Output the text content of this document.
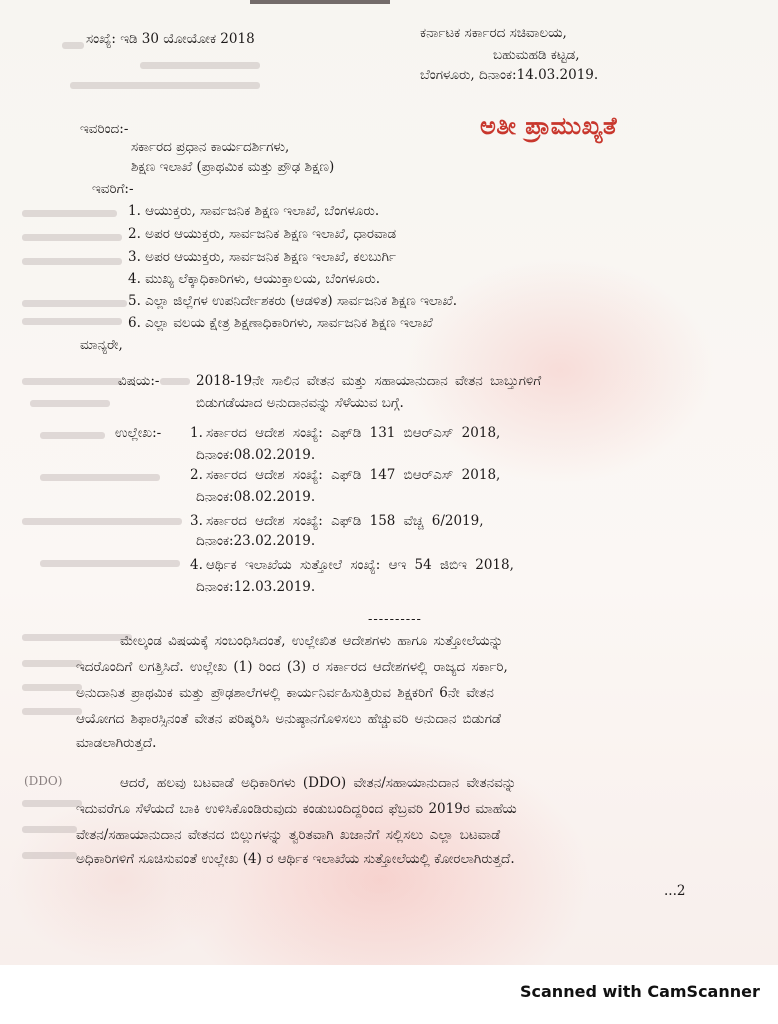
ಸಂಖ್ಯೆ: ಇಡಿ 30 ಯೋಯೋಕ 2018	ಕರ್ನಾಟಕ ಸರ್ಕಾರದ ಸಚಿವಾಲಯ,
ಬಹುಮಹಡಿ ಕಟ್ಟಡ,
ಬೆಂಗಳೂರು, ದಿನಾಂಕ:14.03.2019.
ಅತೀ ಪ್ರಾಮುಖ್ಯತೆ
ಇವರಿಂದ:-
ಸರ್ಕಾರದ ಪ್ರಧಾನ ಕಾರ್ಯದರ್ಶಿಗಳು,
ಶಿಕ್ಷಣ ಇಲಾಖೆ (ಪ್ರಾಥಮಿಕ ಮತ್ತು ಪ್ರೌಢ ಶಿಕ್ಷಣ)
ಇವರಿಗೆ:-
1. ಆಯುಕ್ತರು, ಸಾರ್ವಜನಿಕ ಶಿಕ್ಷಣ ಇಲಾಖೆ, ಬೆಂಗಳೂರು.
2. ಅಪರ ಆಯುಕ್ತರು, ಸಾರ್ವಜನಿಕ ಶಿಕ್ಷಣ ಇಲಾಖೆ, ಧಾರವಾಡ
3. ಅಪರ ಆಯುಕ್ತರು, ಸಾರ್ವಜನಿಕ ಶಿಕ್ಷಣ ಇಲಾಖೆ, ಕಲಬುರ್ಗಿ
4. ಮುಖ್ಯ ಲೆಕ್ಕಾಧಿಕಾರಿಗಳು, ಆಯುಕ್ತಾಲಯ, ಬೆಂಗಳೂರು.
5. ಎಲ್ಲಾ ಜಿಲ್ಲೆಗಳ ಉಪನಿರ್ದೇಶಕರು (ಆಡಳಿತ) ಸಾರ್ವಜನಿಕ ಶಿಕ್ಷಣ ಇಲಾಖೆ.
6. ಎಲ್ಲಾ ವಲಯ ಕ್ಷೇತ್ರ ಶಿಕ್ಷಣಾಧಿಕಾರಿಗಳು, ಸಾರ್ವಜನಿಕ ಶಿಕ್ಷಣ ಇಲಾಖೆ
ಮಾನ್ಯರೇ,
ವಿಷಯ:-	2018-19ನೇ ಸಾಲಿನ ವೇತನ ಮತ್ತು ಸಹಾಯಾನುದಾನ ವೇತನ ಬಾಬ್ತುಗಳಿಗೆ
ಬಿಡುಗಡೆಯಾದ ಅನುದಾನವನ್ನು ಸೆಳೆಯುವ ಬಗ್ಗೆ.
ಉಲ್ಲೇಖ:- 1. ಸರ್ಕಾರದ ಆದೇಶ ಸಂಖ್ಯೆ: ಎಫ್‌ಡಿ 131 ಬಿಆರ್‌ಎಸ್ 2018,
ದಿನಾಂಕ:08.02.2019.
2. ಸರ್ಕಾರದ ಆದೇಶ ಸಂಖ್ಯೆ: ಎಫ್‌ಡಿ 147 ಬಿಆರ್‌ಎಸ್ 2018,
ದಿನಾಂಕ:08.02.2019.
3. ಸರ್ಕಾರದ ಆದೇಶ ಸಂಖ್ಯೆ: ಎಫ್‌ಡಿ 158 ವೆಚ್ಚ 6/2019,
ದಿನಾಂಕ:23.02.2019.
4. ಆರ್ಥಿಕ ಇಲಾಖೆಯ ಸುತ್ತೋಲೆ ಸಂಖ್ಯೆ: ಆಇ 54 ಜಿಬಿಇ 2018,
ದಿನಾಂಕ:12.03.2019.
----------
ಮೇಲ್ಕಂಡ ವಿಷಯಕ್ಕೆ ಸಂಬಂಧಿಸಿದಂತೆ, ಉಲ್ಲೇಖಿತ ಆದೇಶಗಳು ಹಾಗೂ ಸುತ್ತೋಲೆಯನ್ನು
ಇದರೊಂದಿಗೆ ಲಗತ್ತಿಸಿದೆ. ಉಲ್ಲೇಖ (1) ರಿಂದ (3) ರ ಸರ್ಕಾರದ ಆದೇಶಗಳಲ್ಲಿ ರಾಜ್ಯದ ಸರ್ಕಾರಿ,
ಅನುದಾನಿತ ಪ್ರಾಥಮಿಕ ಮತ್ತು ಪ್ರೌಢಶಾಲೆಗಳಲ್ಲಿ ಕಾರ್ಯನಿರ್ವಹಿಸುತ್ತಿರುವ ಶಿಕ್ಷಕರಿಗೆ 6ನೇ ವೇತನ
ಆಯೋಗದ ಶಿಫಾರಸ್ಸಿನಂತೆ ವೇತನ ಪರಿಷ್ಕರಿಸಿ ಅನುಷ್ಠಾನಗೊಳಿಸಲು ಹೆಚ್ಚುವರಿ ಅನುದಾನ ಬಿಡುಗಡೆ
ಮಾಡಲಾಗಿರುತ್ತದೆ.
(DDO)	ಆದರೆ, ಹಲವು ಬಟವಾಡೆ ಅಧಿಕಾರಿಗಳು (DDO) ವೇತನ/ಸಹಾಯಾನುದಾನ ವೇತನವನ್ನು
ಇದುವರೆಗೂ ಸೆಳೆಯದೆ ಬಾಕಿ ಉಳಿಸಿಕೊಂಡಿರುವುದು ಕಂಡುಬಂದಿದ್ದರಿಂದ ಫೆಬ್ರವರಿ 2019ರ ಮಾಹೆಯ
ವೇತನ/ಸಹಾಯಾನುದಾನ ವೇತನದ ಬಿಲ್ಲುಗಳನ್ನು ತ್ವರಿತವಾಗಿ ಖಜಾನೆಗೆ ಸಲ್ಲಿಸಲು ಎಲ್ಲಾ ಬಟವಾಡೆ
ಅಧಿಕಾರಿಗಳಿಗೆ ಸೂಚಿಸುವಂತೆ ಉಲ್ಲೇಖ (4) ರ ಆರ್ಥಿಕ ಇಲಾಖೆಯ ಸುತ್ತೋಲೆಯಲ್ಲಿ ಕೋರಲಾಗಿರುತ್ತದೆ.
...2
Scanned with CamScanner
